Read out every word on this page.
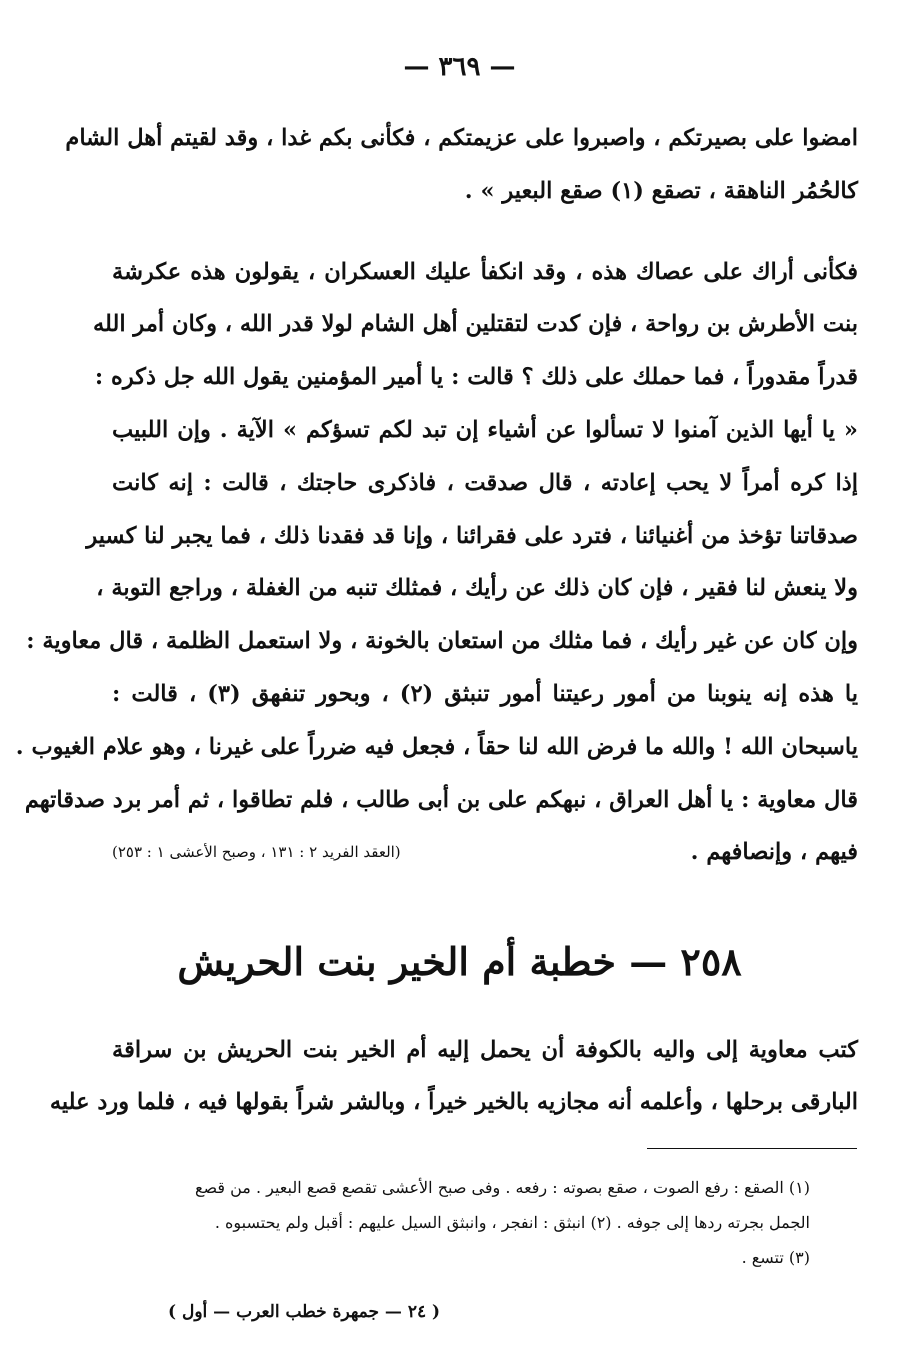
— ٣٦٩ —
امضوا على بصيرتكم ، واصبروا على عزيمتكم ، فكأنى بكم غدا ، وقد لقيتم أهل الشام
كالحُمُر الناهقة ، تصقع (١) صقع البعير » .
فكأنى أراك على عصاك هذه ، وقد انكفأ عليك العسكران ، يقولون هذه عكرشة
بنت الأطرش بن رواحة ، فإن كدت لتقتلين أهل الشام لولا قدر الله ، وكان أمر الله
قدراً مقدوراً ، فما حملك على ذلك ؟ قالت : يا أمير المؤمنين يقول الله جل ذكره :
« يا أيها الذين آمنوا لا تسألوا عن أشياء إن تبد لكم تسؤكم » الآية . وإن اللبيب
إذا كره أمراً لا يحب إعادته ، قال صدقت ، فاذكرى حاجتك ، قالت : إنه كانت
صدقاتنا تؤخذ من أغنيائنا ، فترد على فقرائنا ، وإنا قد فقدنا ذلك ، فما يجبر لنا كسير
ولا ينعش لنا فقير ، فإن كان ذلك عن رأيك ، فمثلك تنبه من الغفلة ، وراجع التوبة ،
وإن كان عن غير رأيك ، فما مثلك من استعان بالخونة ، ولا استعمل الظلمة ، قال معاوية :
يا هذه إنه ينوبنا من أمور رعيتنا أمور تنبثق (٢) ، وبحور تنفهق (٣) ، قالت :
ياسبحان الله ! والله ما فرض الله لنا حقاً ، فجعل فيه ضرراً على غيرنا ، وهو علام الغيوب .
قال معاوية : يا أهل العراق ، نبهكم على بن أبى طالب ، فلم تطاقوا ، ثم أمر برد صدقاتهم
فيهم ، وإنصافهم .
(العقد الفريد ٢ : ١٣١ ، وصبح الأعشى ١ : ٢٥٣)
٢٥٨ — خطبة أم الخير بنت الحريش
كتب معاوية إلى واليه بالكوفة أن يحمل إليه أم الخير بنت الحريش بن سراقة
البارقى برحلها ، وأعلمه أنه مجازيه بالخير خيراً ، وبالشر شراً بقولها فيه ، فلما ورد عليه
(١) الصقع : رفع الصوت ، صقع بصوته : رفعه . وفى صبح الأعشى تقصع قصع البعير . من قصع
الجمل بجرته ردها إلى جوفه . (٢) انبثق : انفجر ، وانبثق السيل عليهم : أقبل ولم يحتسبوه .
(٣) تتسع .
( ٢٤ — جمهرة خطب العرب — أول )
